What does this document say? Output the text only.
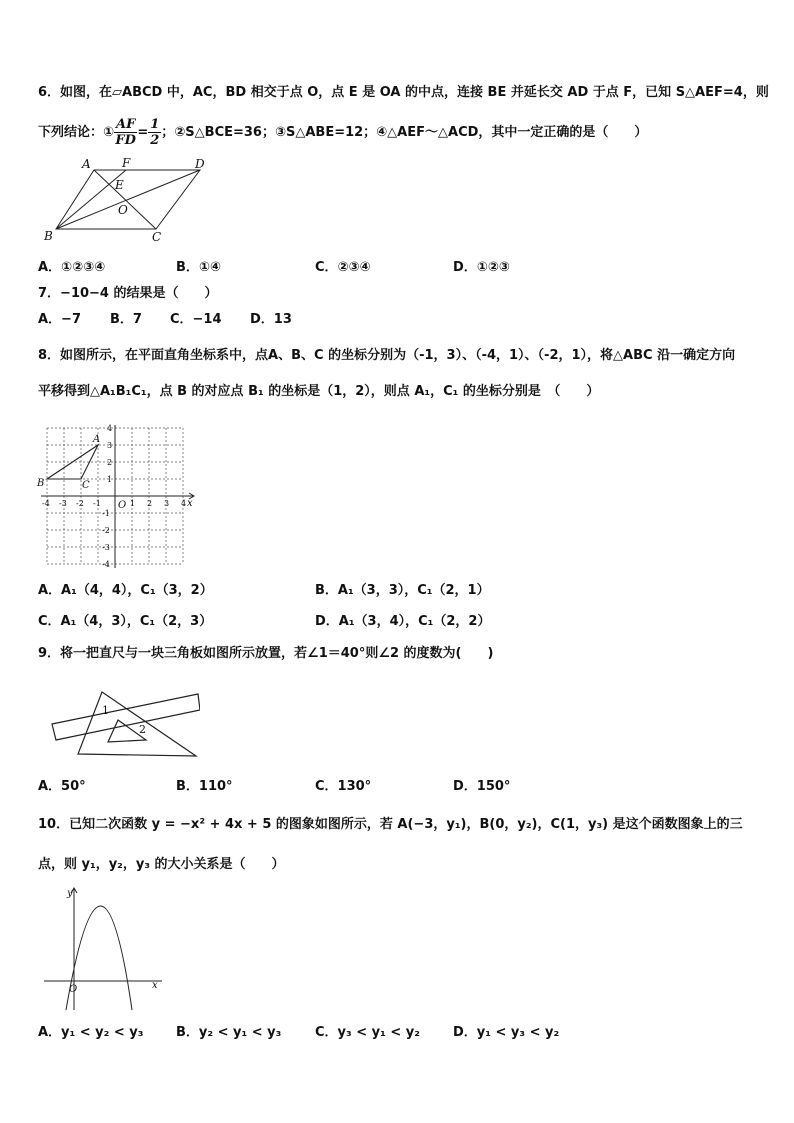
6．如图，在▱ABCD 中，AC，BD 相交于点 O，点 E 是 OA 的中点，连接 BE 并延长交 AD 于点 F，已知 S△AEF=4，则
下列结论：① $\frac{AF}{FD} = \frac{1}{2}$ ；②S△BCE=36；③S△ABE=12；④△AEF～△ACD，其中一定正确的是（　　）
A	F	D
E
O
B	C
A．①②③④	B．①④	C．②③④	D．①②③
7．−10−4 的结果是（　　）
A．−7 B．7 C．−14 D．13
8．如图所示，在平面直角坐标系中，点A、B、C 的坐标分别为（-1，3）、（-4，1）、（-2，1），将△ABC 沿一确定方向
平移得到△A₁B₁C₁，点 B 的对应点 B₁ 的坐标是（1，2），则点 A₁，C₁ 的坐标分别是　（　　）
-4 -3 -2 -1	1 2 3 4
4
3
2
1
-1
-2
-3
-4
x
O
A
B	C
A．A₁（4，4），C₁（3，2）	B．A₁（3，3），C₁（2，1）
C．A₁（4，3），C₁（2，3）	D．A₁（3，4），C₁（2，2）
9．将一把直尺与一块三角板如图所示放置，若∠1＝40°则∠2 的度数为(　　)
1
2
A．50°	B．110°	C．130°	D．150°
10．已知二次函数 y = −x² + 4x + 5 的图象如图所示，若 A(−3，y₁)，B(0，y₂)，C(1，y₃) 是这个函数图象上的三
点，则 y₁，y₂，y₃ 的大小关系是（　　）
x
y
O
A．y₁ < y₂ < y₃	B．y₂ < y₁ < y₃	C．y₃ < y₁ < y₂	D．y₁ < y₃ < y₂
